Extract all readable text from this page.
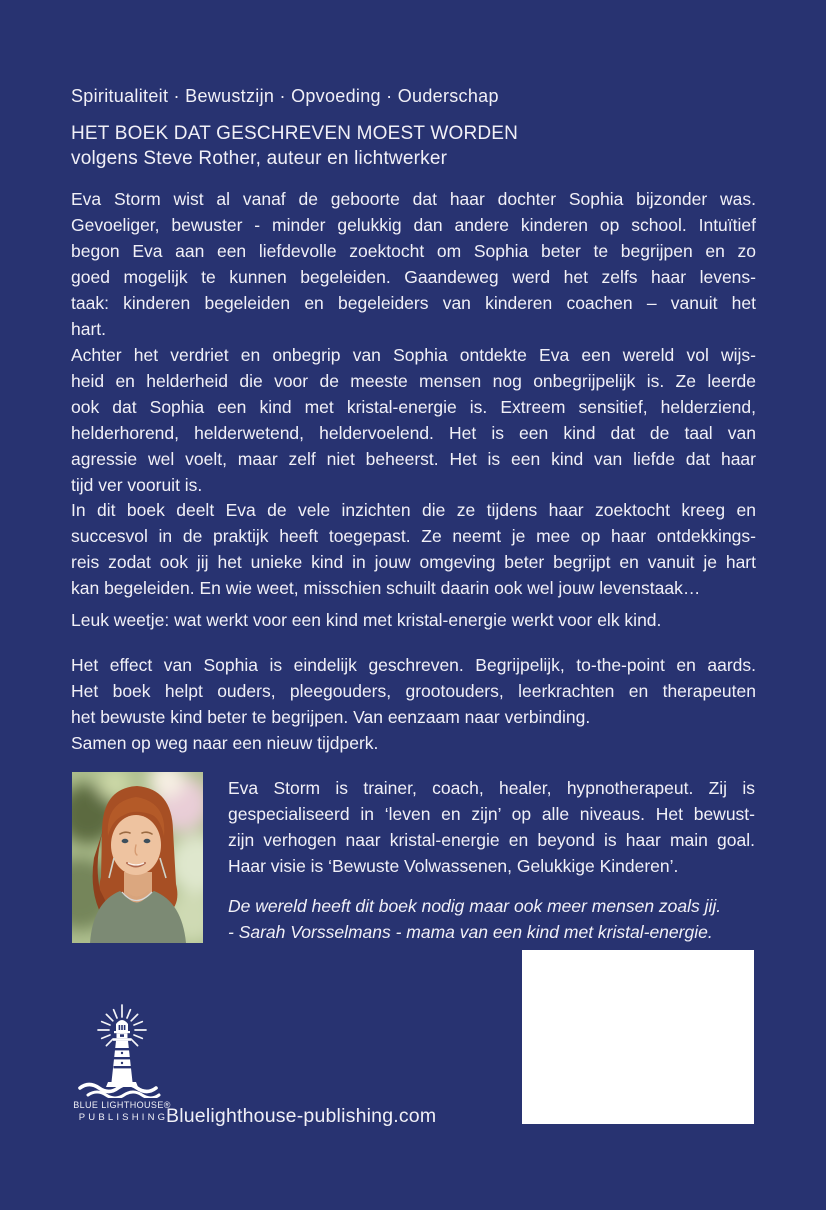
Spiritualiteit · Bewustzijn · Opvoeding · Ouderschap
HET BOEK DAT GESCHREVEN MOEST WORDEN
volgens Steve Rother, auteur en lichtwerker
Eva Storm wist al vanaf de geboorte dat haar dochter Sophia bijzonder was.
Gevoeliger, bewuster - minder gelukkig dan andere kinderen op school. Intuïtief
begon Eva aan een liefdevolle zoektocht om Sophia beter te begrijpen en zo
goed mogelijk te kunnen begeleiden. Gaandeweg werd het zelfs haar levens-
taak: kinderen begeleiden en begeleiders van kinderen coachen – vanuit het
hart.
Achter het verdriet en onbegrip van Sophia ontdekte Eva een wereld vol wijs-
heid en helderheid die voor de meeste mensen nog onbegrijpelijk is. Ze leerde
ook dat Sophia een kind met kristal-energie is. Extreem sensitief, helderziend,
helderhorend, helderwetend, heldervoelend. Het is een kind dat de taal van
agressie wel voelt, maar zelf niet beheerst. Het is een kind van liefde dat haar
tijd ver vooruit is.
In dit boek deelt Eva de vele inzichten die ze tijdens haar zoektocht kreeg en
succesvol in de praktijk heeft toegepast. Ze neemt je mee op haar ontdekkings-
reis zodat ook jij het unieke kind in jouw omgeving beter begrijpt en vanuit je hart
kan begeleiden. En wie weet, misschien schuilt daarin ook wel jouw levenstaak…
Leuk weetje: wat werkt voor een kind met kristal-energie werkt voor elk kind.
Het effect van Sophia is eindelijk geschreven. Begrijpelijk, to-the-point en aards.
Het boek helpt ouders, pleegouders, grootouders, leerkrachten en therapeuten
het bewuste kind beter te begrijpen. Van eenzaam naar verbinding.
Samen op weg naar een nieuw tijdperk.
Eva Storm is trainer, coach, healer, hypnotherapeut. Zij is
gespecialiseerd in ‘leven en zijn’ op alle niveaus. Het bewust-
zijn verhogen naar kristal-energie en beyond is haar main goal.
Haar visie is ‘Bewuste Volwassenen, Gelukkige Kinderen’.
De wereld heeft dit boek nodig maar ook meer mensen zoals jij.
- Sarah Vorsselmans - mama van een kind met kristal-energie.
BLUE LIGHTHOUSE®
PUBLISHING
Bluelighthouse-publishing.com
